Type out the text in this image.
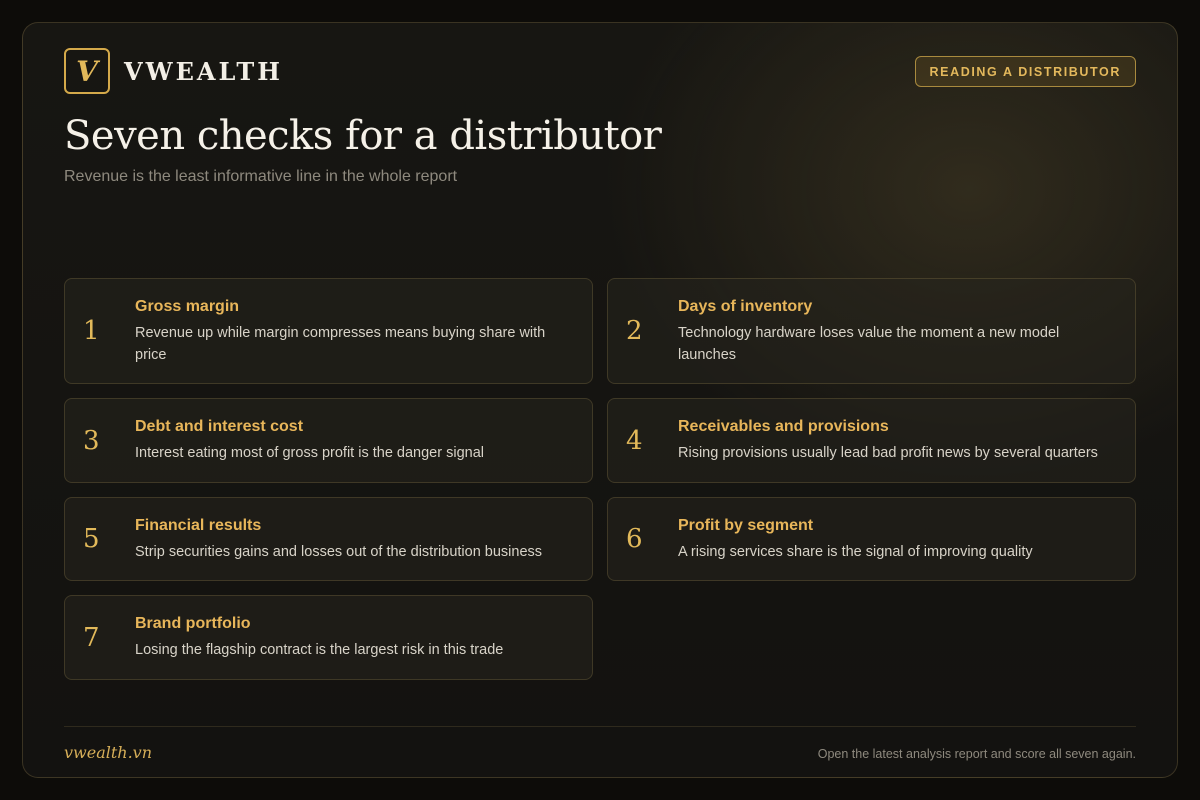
V VWEALTH	READING A DISTRIBUTOR
Seven checks for a distributor
Revenue is the least informative line in the whole report
1
Gross margin
Revenue up while margin compresses means buying share with price
2
Days of inventory
Technology hardware loses value the moment a new model launches
3 Debt and interest cost
Interest eating most of gross profit is the danger signal	4 Receivables and provisions
Rising provisions usually lead bad profit news by several quarters
5 Financial results
Strip securities gains and losses out of the distribution business	6 Profit by segment
A rising services share is the signal of improving quality
7 Brand portfolio
Losing the flagship contract is the largest risk in this trade
vwealth.vn	Open the latest analysis report and score all seven again.
